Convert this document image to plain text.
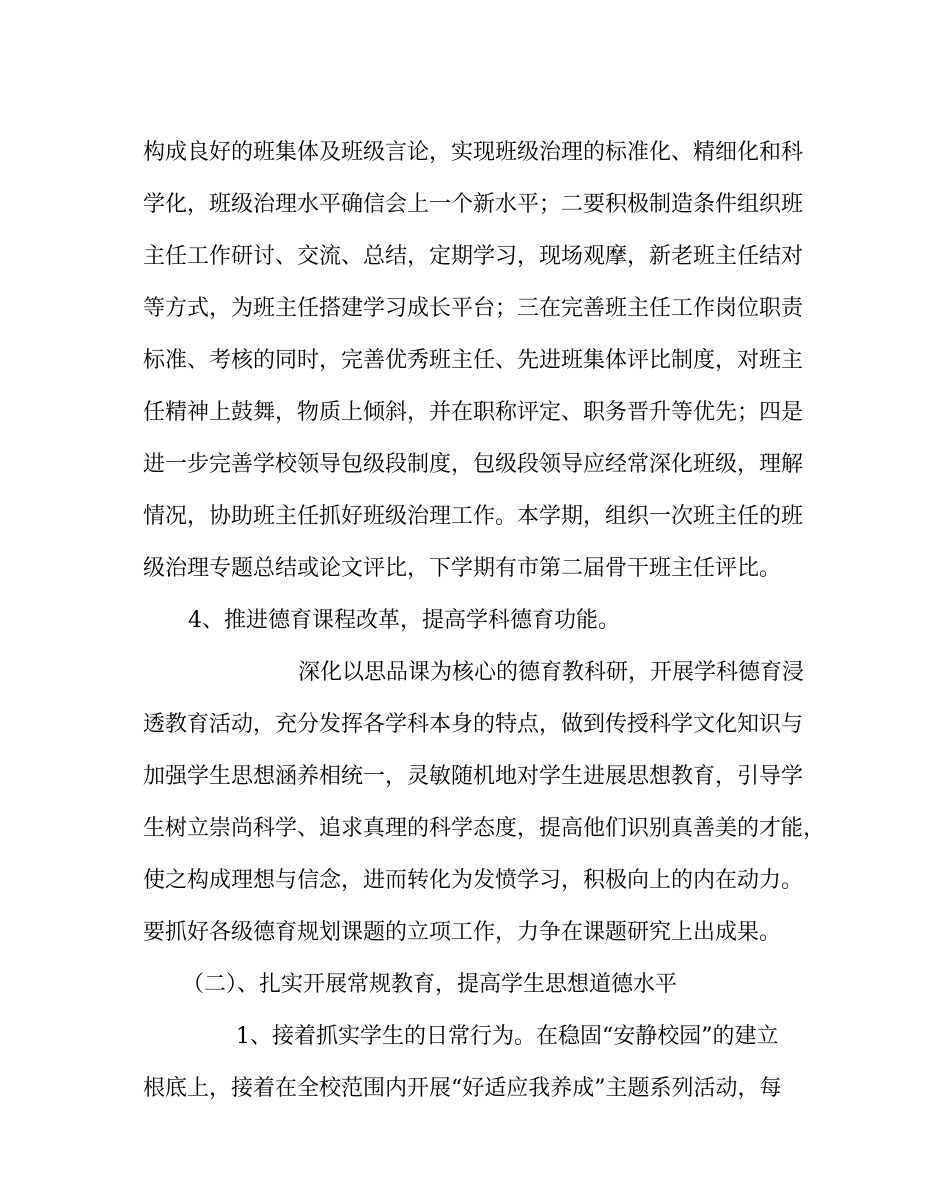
构成良好的班集体及班级言论，实现班级治理的标准化、精细化和科
学化，班级治理水平确信会上一个新水平；二要积极制造条件组织班
主任工作研讨、交流、总结，定期学习，现场观摩，新老班主任结对
等方式，为班主任搭建学习成长平台；三在完善班主任工作岗位职责
标准、考核的同时，完善优秀班主任、先进班集体评比制度，对班主
任精神上鼓舞，物质上倾斜，并在职称评定、职务晋升等优先；四是
进一步完善学校领导包级段制度，包级段领导应经常深化班级，理解
情况，协助班主任抓好班级治理工作。本学期，组织一次班主任的班
级治理专题总结或论文评比，下学期有市第二届骨干班主任评比。
4、推进德育课程改革，提高学科德育功能。
深化以思品课为核心的德育教科研，开展学科德育浸
透教育活动，充分发挥各学科本身的特点，做到传授科学文化知识与
加强学生思想涵养相统一，灵敏随机地对学生进展思想教育，引导学
生树立崇尚科学、追求真理的科学态度，提高他们识别真善美的才能，
使之构成理想与信念，进而转化为发愤学习，积极向上的内在动力。
要抓好各级德育规划课题的立项工作，力争在课题研究上出成果。
（二）、扎实开展常规教育，提高学生思想道德水平
1、接着抓实学生的日常行为。在稳固“安静校园”的建立
根底上，接着在全校范围内开展“好适应我养成”主题系列活动，每
